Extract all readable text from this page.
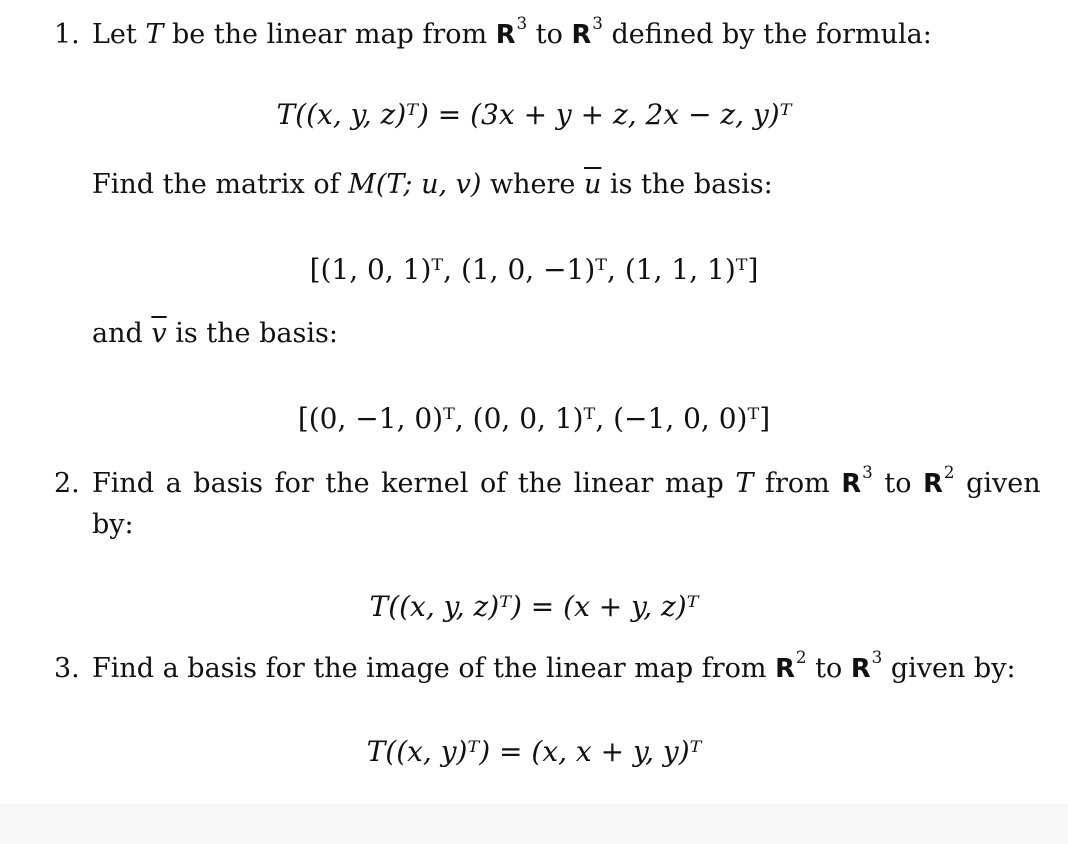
1. Let T be the linear map from $R^3$ to $R^3$ defined by the formula:
T((x, y, z)ᵀ) = (3x + y + z, 2x − z, y)ᵀ
Find the matrix of M(T; u, v) where $\overline{u}$ is the basis:
[(1, 0, 1)ᵀ, (1, 0, −1)ᵀ, (1, 1, 1)ᵀ]
and $\overline{v}$ is the basis:
[(0, −1, 0)ᵀ, (0, 0, 1)ᵀ, (−1, 0, 0)ᵀ]
2. Find a basis for the kernel of the linear map T from $R^3$ to $R^2$ given
by:
T((x, y, z)ᵀ) = (x + y, z)ᵀ
3. Find a basis for the image of the linear map from $R^2$ to $R^3$ given by:
T((x, y)ᵀ) = (x, x + y, y)ᵀ
